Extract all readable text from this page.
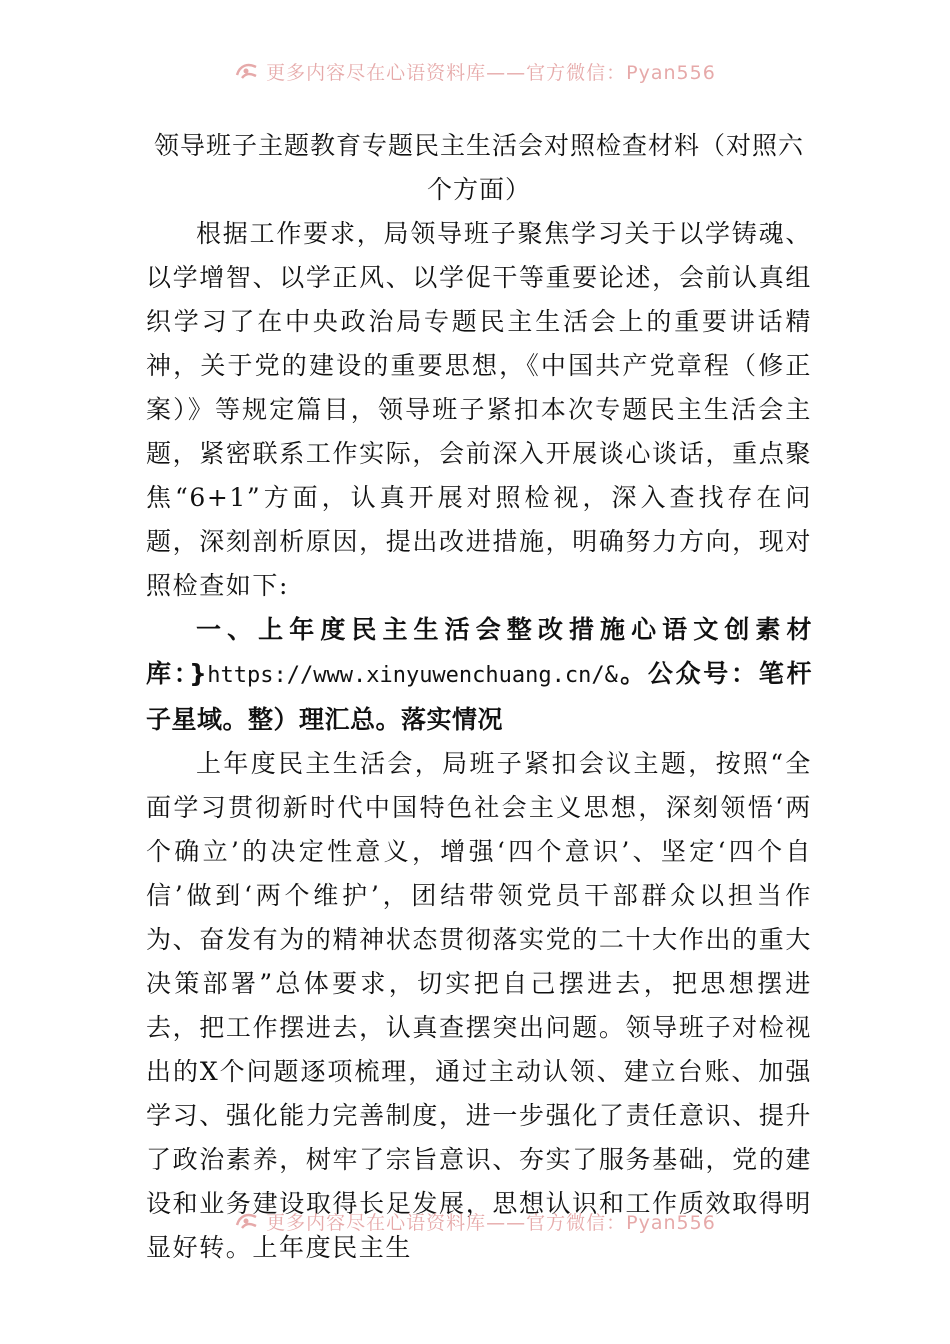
更多内容尽在心语资料库——官方微信：Pyan556
领导班子主题教育专题民主生活会对照检查材料（对照六个方面）

根据工作要求，局领导班子聚焦学习关于以学铸魂、以学增智、以学正风、以学促干等重要论述，会前认真组织学习了在中央政治局专题民主生活会上的重要讲话精神，关于党的建设的重要思想，《中国共产党章程（修正案）》等规定篇目，领导班子紧扣本次专题民主生活会主题，紧密联系工作实际，会前深入开展谈心谈话，重点聚焦“6+1”方面，认真开展对照检视，深入查找存在问题，深刻剖析原因，提出改进措施，明确努力方向，现对照检查如下:

一、上年度民主生活会整改措施心语文创素材库：}https://www.xinyuwenchuang.cn/&。公众号：笔杆子星域。整）理汇总。落实情况

上年度民主生活会，局班子紧扣会议主题，按照“全面学习贯彻新时代中国特色社会主义思想，深刻领悟‘两个确立’的决定性意义，增强‘四个意识’、坚定‘四个自信’做到‘两个维护’，团结带领党员干部群众以担当作为、奋发有为的精神状态贯彻落实党的二十大作出的重大决策部署”总体要求，切实把自己摆进去，把思想摆进去，把工作摆进去，认真查摆突出问题。领导班子对检视出的X个问题逐项梳理，通过主动认领、建立台账、加强学习、强化能力完善制度，进一步强化了责任意识、提升了政治素养，树牢了宗旨意识、夯实了服务基础，党的建设和业务建设取得长足发展，思想认识和工作质效取得明显好转。上年度民主生

更多内容尽在心语资料库——官方微信：Pyan556
